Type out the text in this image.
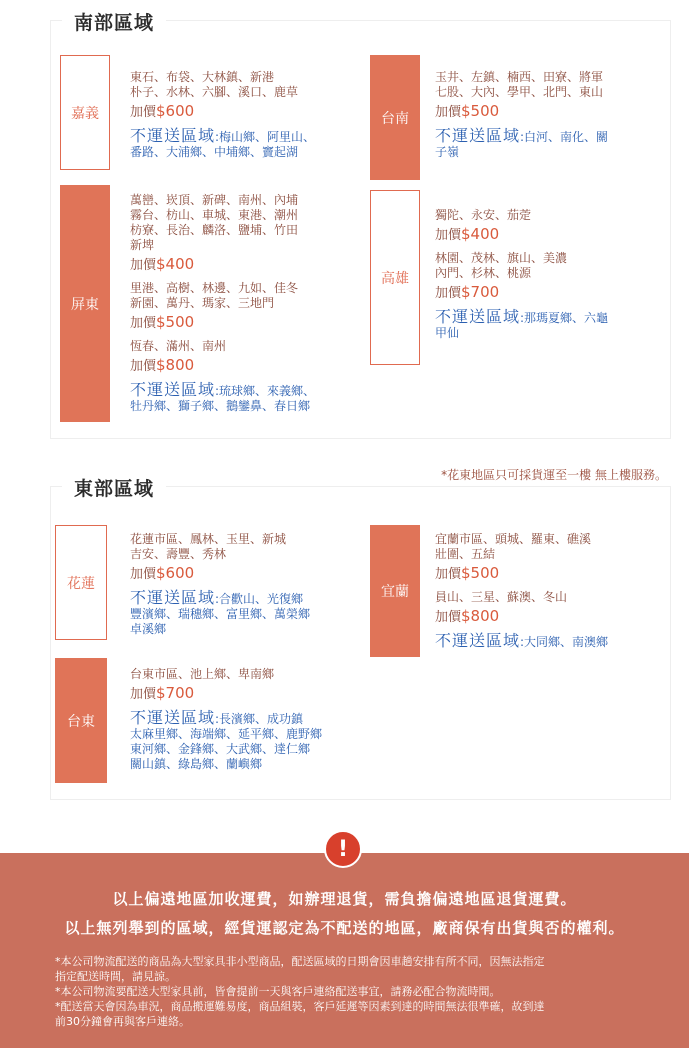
南部區域
嘉義
東石、布袋、大林鎮、新港
朴子、水林、六腳、溪口、鹿草
加價$600
不運送區域:梅山鄉、阿里山、
番路、大浦鄉、中埔鄉、竇起湖
台南
玉井、左鎮、楠西、田寮、將軍
七股、大內、學甲、北門、東山
加價$500
不運送區域:白河、南化、關
子嶺
屏東
萬巒、崁頂、新碑、南州、內埔
霧台、枋山、車城、東港、潮州
枋寮、長治、麟洛、鹽埔、竹田
新埤
加價$400
里港、高樹、林邊、九如、佳冬
新園、萬丹、瑪家、三地門
加價$500
恆春、滿州、南州
加價$800
不運送區域:琉球鄉、來義鄉、
牡丹鄉、獅子鄉、鵝鑾鼻、春日鄉
高雄
獨陀、永安、茄萣
加價$400
林園、茂林、旗山、美濃
內門、杉林、桃源
加價$700
不運送區域:那瑪夏鄉、六龜
甲仙
*花東地區只可採貨運至一樓 無上樓服務。
東部區域
花蓮
花蓮市區、鳳林、玉里、新城
吉安、壽豐、秀林
加價$600
不運送區域:合歡山、光復鄉
豐濱鄉、瑞穗鄉、富里鄉、萬榮鄉
卓溪鄉
宜蘭
宜蘭市區、頭城、羅東、礁溪
壯圍、五結
加價$500
員山、三星、蘇澳、冬山
加價$800
不運送區域:大同鄉、南澳鄉
台東
台東市區、池上鄉、卑南鄉
加價$700
不運送區域:長濱鄉、成功鎮
太麻里鄉、海端鄉、延平鄉、鹿野鄉
東河鄉、金鋒鄉、大武鄉、達仁鄉
關山鎮、綠島鄉、蘭嶼鄉
!
以上偏遠地區加收運費，如辦理退貨，需負擔偏遠地區退貨運費。
以上無列舉到的區域，經貨運認定為不配送的地區，廠商保有出貨與否的權利。
*本公司物流配送的商品為大型家具非小型商品，配送區域的日期會因車趟安排有所不同，因無法指定
指定配送時間，請見諒。
*本公司物流要配送大型家具前，皆會提前一天與客戶連絡配送事宜，請務必配合物流時間。
*配送當天會因為車況，商品搬運難易度，商品組裝，客戶延遲等因素到達的時間無法很準確，故到達
前30分鐘會再與客戶連絡。
